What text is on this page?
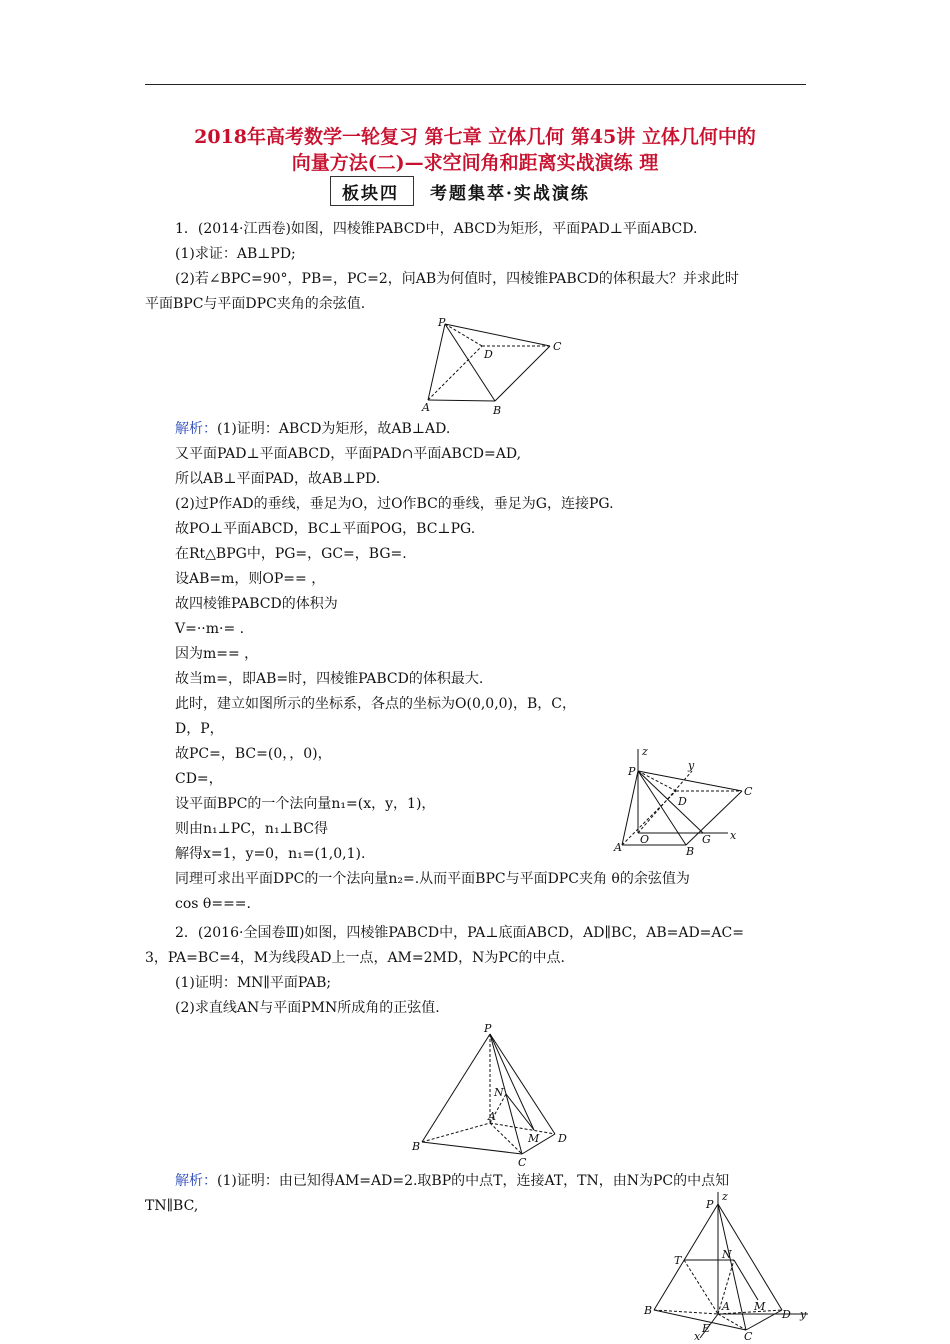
2018年高考数学一轮复习 第七章 立体几何 第45讲 立体几何中的
向量方法(二)—求空间角和距离实战演练 理
板块四 考题集萃·实战演练
1．(2014·江西卷)如图，四棱锥PABCD中，ABCD为矩形，平面PAD⊥平面ABCD.
(1)求证：AB⊥PD;
(2)若∠BPC=90°，PB=，PC=2，问AB为何值时，四棱锥PABCD的体积最大？并求此时
平面BPC与平面DPC夹角的余弦值.
P
D
C
A	B
解析：(1)证明：ABCD为矩形，故AB⊥AD.
又平面PAD⊥平面ABCD，平面PAD∩平面ABCD=AD,
所以AB⊥平面PAD，故AB⊥PD.
(2)过P作AD的垂线，垂足为O，过O作BC的垂线，垂足为G，连接PG.
故PO⊥平面ABCD，BC⊥平面POG，BC⊥PG.
在Rt△BPG中，PG=，GC=，BG=.
设AB=m，则OP== ，
故四棱锥PABCD的体积为
V=··m·= .
因为m== ，
故当m=，即AB=时，四棱锥PABCD的体积最大.
此时，建立如图所示的坐标系，各点的坐标为O(0,0,0)，B，C，
D，P，
故PC=，BC=(0，，0)，
CD=，
设平面BPC的一个法向量n₁=(x，y，1)，
则由n₁⊥PC，n₁⊥BC得
解得x=1，y=0，n₁=(1,0,1).
同理可求出平面DPC的一个法向量n₂=.从而平面BPC与平面DPC夹角 θ的余弦值为
cos θ===.
z
y
x
P
D
C
A
O	G
B
2．(2016·全国卷Ⅲ)如图，四棱锥PABCD中，PA⊥底面ABCD，AD∥BC，AB=AD=AC=
3，PA=BC=4，M为线段AD上一点，AM=2MD，N为PC的中点.
(1)证明：MN∥平面PAB;
(2)求直线AN与平面PMN所成角的正弦值.
P
N
A
M D
B
C
解析：(1)证明：由已知得AM=AD=2.取BP的中点T，连接AT，TN，由N为PC的中点知
TN∥BC,
z
P
T	N
A M
D y
B
C
E
x
